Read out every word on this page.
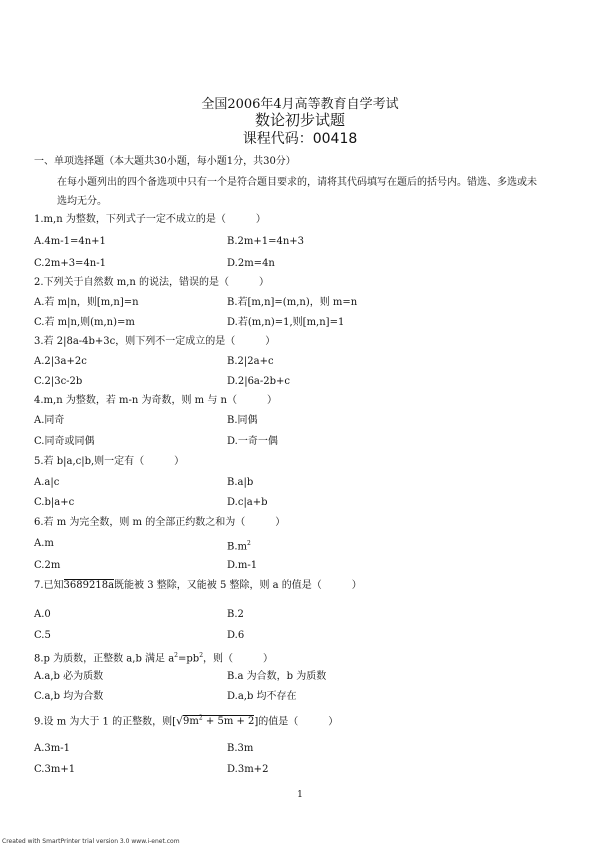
全国2006年4月高等教育自学考试
数论初步试题
课程代码：00418
一、单项选择题（本大题共30小题，每小题1分，共30分）
在每小题列出的四个备选项中只有一个是符合题目要求的，请将其代码填写在题后的括号内。错选、多选或未
选均无分。
1.m,n 为整数，下列式子一定不成立的是（　　　）
A.4m-1=4n+1	B.2m+1=4n+3
C.2m+3=4n-1	D.2m=4n
2.下列关于自然数 m,n 的说法，错误的是（　　　）
A.若 m|n，则[m,n]=n	B.若[m,n]=(m,n)，则 m=n
C.若 m|n,则(m,n)=m	D.若(m,n)=1,则[m,n]=1
3.若 2|8a-4b+3c，则下列不一定成立的是（　　　）
A.2|3a+2c	B.2|2a+c
C.2|3c-2b	D.2|6a-2b+c
4.m,n 为整数，若 m-n 为奇数，则 m 与 n（　　　）
A.同奇	B.同偶
C.同奇或同偶	D.一奇一偶
5.若 b|a,c|b,则一定有（　　　）
A.a|c	B.a|b
C.b|a+c	D.c|a+b
6.若 m 为完全数，则 m 的全部正约数之和为（　　　）
A.m	$B.m^2$
C.2m	D.m-1
7.已知3689218a既能被 3 整除，又能被 5 整除，则 a 的值是（　　　）
A.0	B.2
C.5	D.6
8.p 为质数，正整数 a,b 满足 $a^2=pb^2$，则（　　　）
A.a,b 必为质数	B.a 为合数，b 为质数
C.a,b 均为合数	D.a,b 均不存在
9.设 m 为大于 1 的正整数，则$[√9m^2 + 5m + 2]$的值是（　　　）
A.3m-1	B.3m
C.3m+1	D.3m+2
1
Created with SmartPrinter trial version 3.0 www.i-enet.com
